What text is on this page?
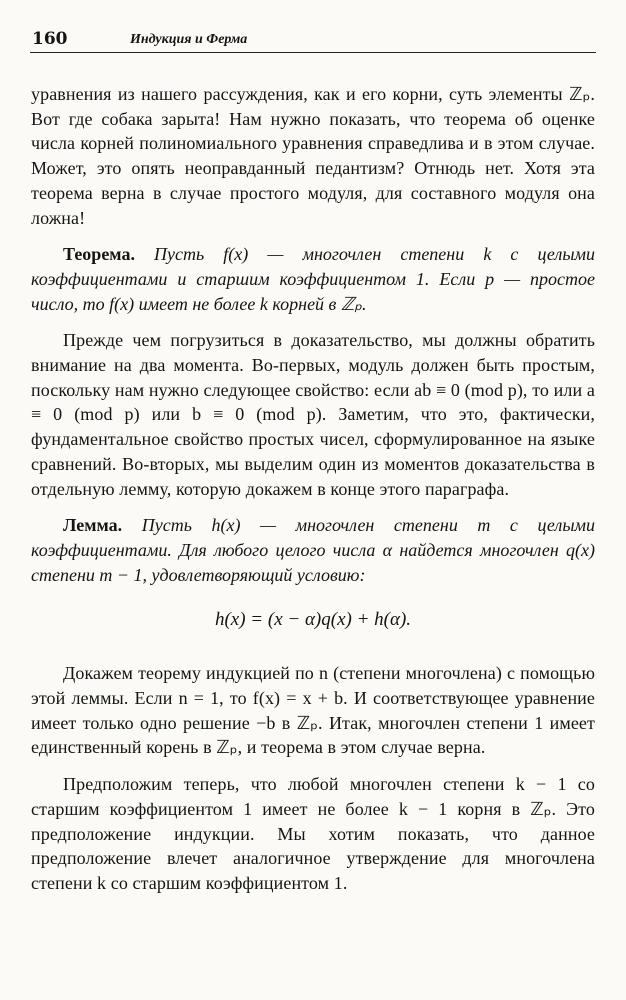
160	Индукция и Ферма

уравнения из нашего рассуждения, как и его корни, суть элементы ℤₚ. Вот где собака зарыта! Нам нужно показать, что теорема об оценке числа корней полиномиального уравнения справедлива и в этом случае. Может, это опять неоправданный педантизм? Отнюдь нет. Хотя эта теорема верна в случае простого модуля, для составного модуля она ложна!

Теорема. Пусть f(x) — многочлен степени k с целыми коэффициентами и старшим коэффициентом 1. Если p — простое число, то f(x) имеет не более k корней в ℤₚ.

Прежде чем погрузиться в доказательство, мы должны обратить внимание на два момента. Во-первых, модуль должен быть простым, поскольку нам нужно следующее свойство: если ab ≡ 0 (mod p), то или a ≡ 0 (mod p) или b ≡ 0 (mod p). Заметим, что это, фактически, фундаментальное свойство простых чисел, сформулированное на языке сравнений. Во-вторых, мы выделим один из моментов доказательства в отдельную лемму, которую докажем в конце этого параграфа.

Лемма. Пусть h(x) — многочлен степени m с целыми коэффициентами. Для любого целого числа α найдется многочлен q(x) степени m − 1, удовлетворяющий условию:

h(x) = (x − α)q(x) + h(α).

Докажем теорему индукцией по n (степени многочлена) с помощью этой леммы. Если n = 1, то f(x) = x + b. И соответствующее уравнение имеет только одно решение −b в ℤₚ. Итак, многочлен степени 1 имеет единственный корень в ℤₚ, и теорема в этом случае верна.

Предположим теперь, что любой многочлен степени k − 1 со старшим коэффициентом 1 имеет не более k − 1 корня в ℤₚ. Это предположение индукции. Мы хотим показать, что данное предположение влечет аналогичное утверждение для многочлена степени k со старшим коэффициентом 1.
